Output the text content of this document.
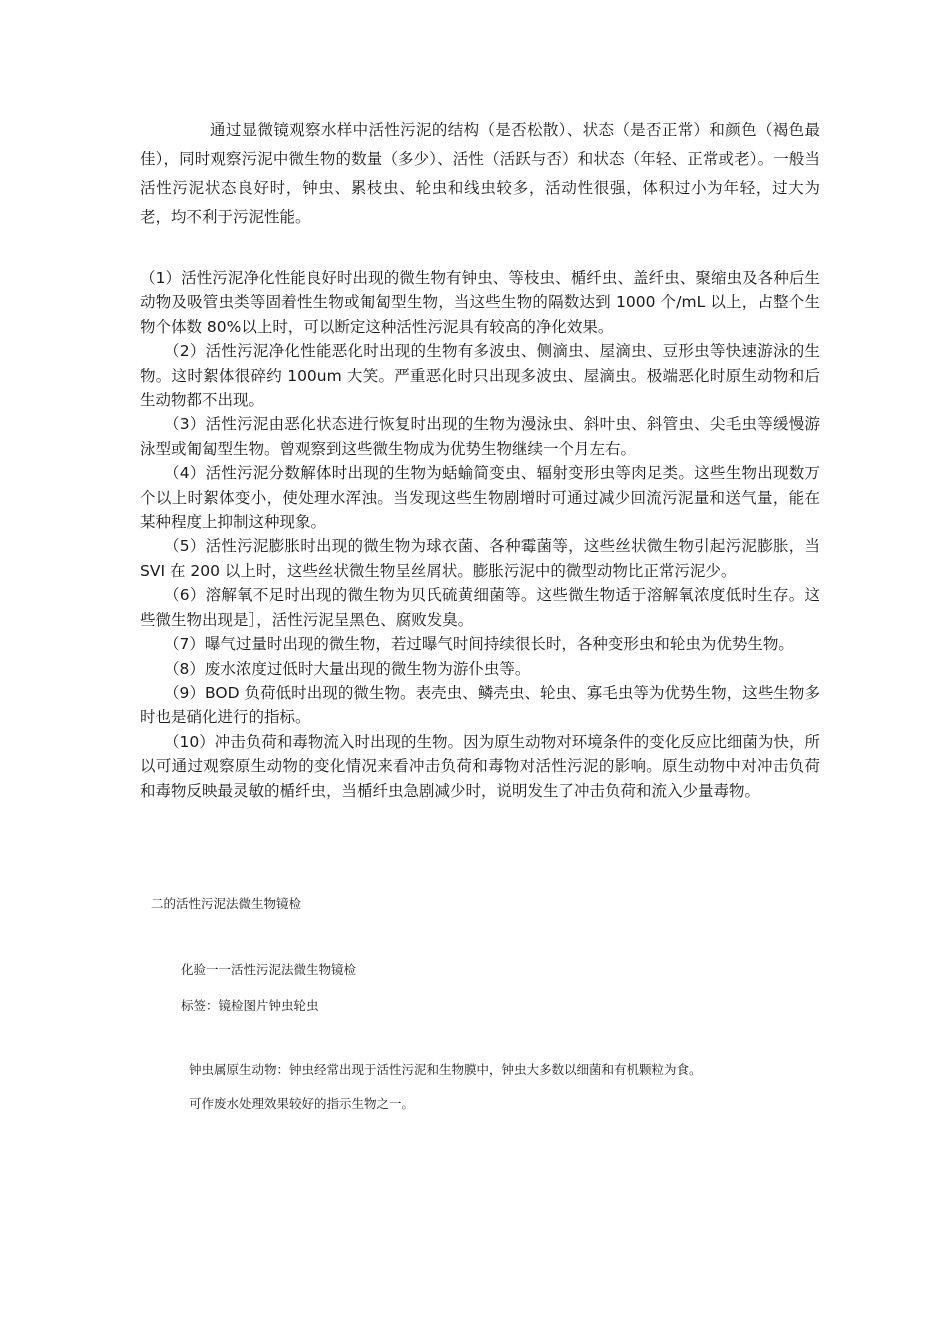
通过显微镜观察水样中活性污泥的结构（是否松散）、状态（是否正常）和颜色（褐色最佳），同时观察污泥中微生物的数量（多少）、活性（活跃与否）和状态（年轻、正常或老）。一般当活性污泥状态良好时，钟虫、累枝虫、轮虫和线虫较多，活动性很强，体积过小为年轻，过大为老，均不利于污泥性能。

（1）活性污泥净化性能良好时出现的微生物有钟虫、等枝虫、楯纤虫、盖纤虫、聚缩虫及各种后生动物及吸管虫类等固着性生物或匍匐型生物，当这些生物的隔数达到 1000 个/mL 以上，占整个生物个体数 80%以上时，可以断定这种活性污泥具有较高的净化效果。

（2）活性污泥净化性能恶化时出现的生物有多波虫、侧滴虫、屋滴虫、豆形虫等快速游泳的生物。这时絮体很碎约 100um 大笑。严重恶化时只出现多波虫、屋滴虫。极端恶化时原生动物和后生动物都不出现。

（3）活性污泥由恶化状态进行恢复时出现的生物为漫泳虫、斜叶虫、斜管虫、尖毛虫等缓慢游泳型或匍匐型生物。曾观察到这些微生物成为优势生物继续一个月左右。

（4）活性污泥分数解体时出现的生物为蛞蝓简变虫、辐射变形虫等肉足类。这些生物出现数万个以上时絮体变小，使处理水浑浊。当发现这些生物剧增时可通过减少回流污泥量和送气量，能在某种程度上抑制这种现象。

（5）活性污泥膨胀时出现的微生物为球衣菌、各种霉菌等，这些丝状微生物引起污泥膨胀，当 SVI 在 200 以上时，这些丝状微生物呈丝屑状。膨胀污泥中的微型动物比正常污泥少。

（6）溶解氧不足时出现的微生物为贝氏硫黄细菌等。这些微生物适于溶解氧浓度低时生存。这些微生物出现是］，活性污泥呈黑色、腐败发臭。

（7）曝气过量时出现的微生物，若过曝气时间持续很长时，各种变形虫和轮虫为优势生物。

（8）废水浓度过低时大量出现的微生物为游仆虫等。

（9）BOD 负荷低时出现的微生物。表壳虫、鳞壳虫、轮虫、寡毛虫等为优势生物，这些生物多时也是硝化进行的指标。

（10）冲击负荷和毒物流入时出现的生物。因为原生动物对环境条件的变化反应比细菌为快，所以可通过观察原生动物的变化情况来看冲击负荷和毒物对活性污泥的影响。原生动物中对冲击负荷和毒物反映最灵敏的楯纤虫，当楯纤虫急剧减少时，说明发生了冲击负荷和流入少量毒物。

二的活性污泥法微生物镜检

化验一一活性污泥法微生物镜检

标签：镜检图片钟虫轮虫

钟虫属原生动物：钟虫经常出现于活性污泥和生物膜中，钟虫大多数以细菌和有机颗粒为食。

可作废水处理效果较好的指示生物之一。
